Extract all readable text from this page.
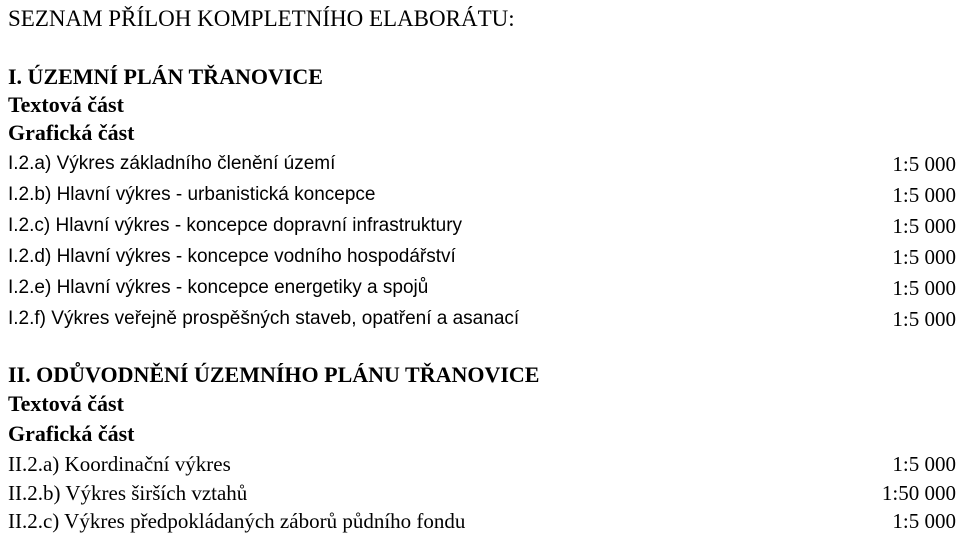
SEZNAM PŘÍLOH KOMPLETNÍHO ELABORÁTU:
I. ÚZEMNÍ PLÁN TŘANOVICE
Textová část
Grafická část
I.2.a) Výkres základního členění území	1:5 000
I.2.b) Hlavní výkres - urbanistická koncepce	1:5 000
I.2.c) Hlavní výkres - koncepce dopravní infrastruktury	1:5 000
I.2.d) Hlavní výkres - koncepce vodního hospodářství	1:5 000
I.2.e) Hlavní výkres - koncepce energetiky a spojů	1:5 000
I.2.f) Výkres veřejně prospěšných staveb, opatření a asanací	1:5 000
II. ODŮVODNĚNÍ ÚZEMNÍHO PLÁNU TŘANOVICE
Textová část
Grafická část
II.2.a) Koordinační výkres	1:5 000
II.2.b) Výkres širších vztahů	1:50 000
II.2.c) Výkres předpokládaných záborů půdního fondu	1:5 000
